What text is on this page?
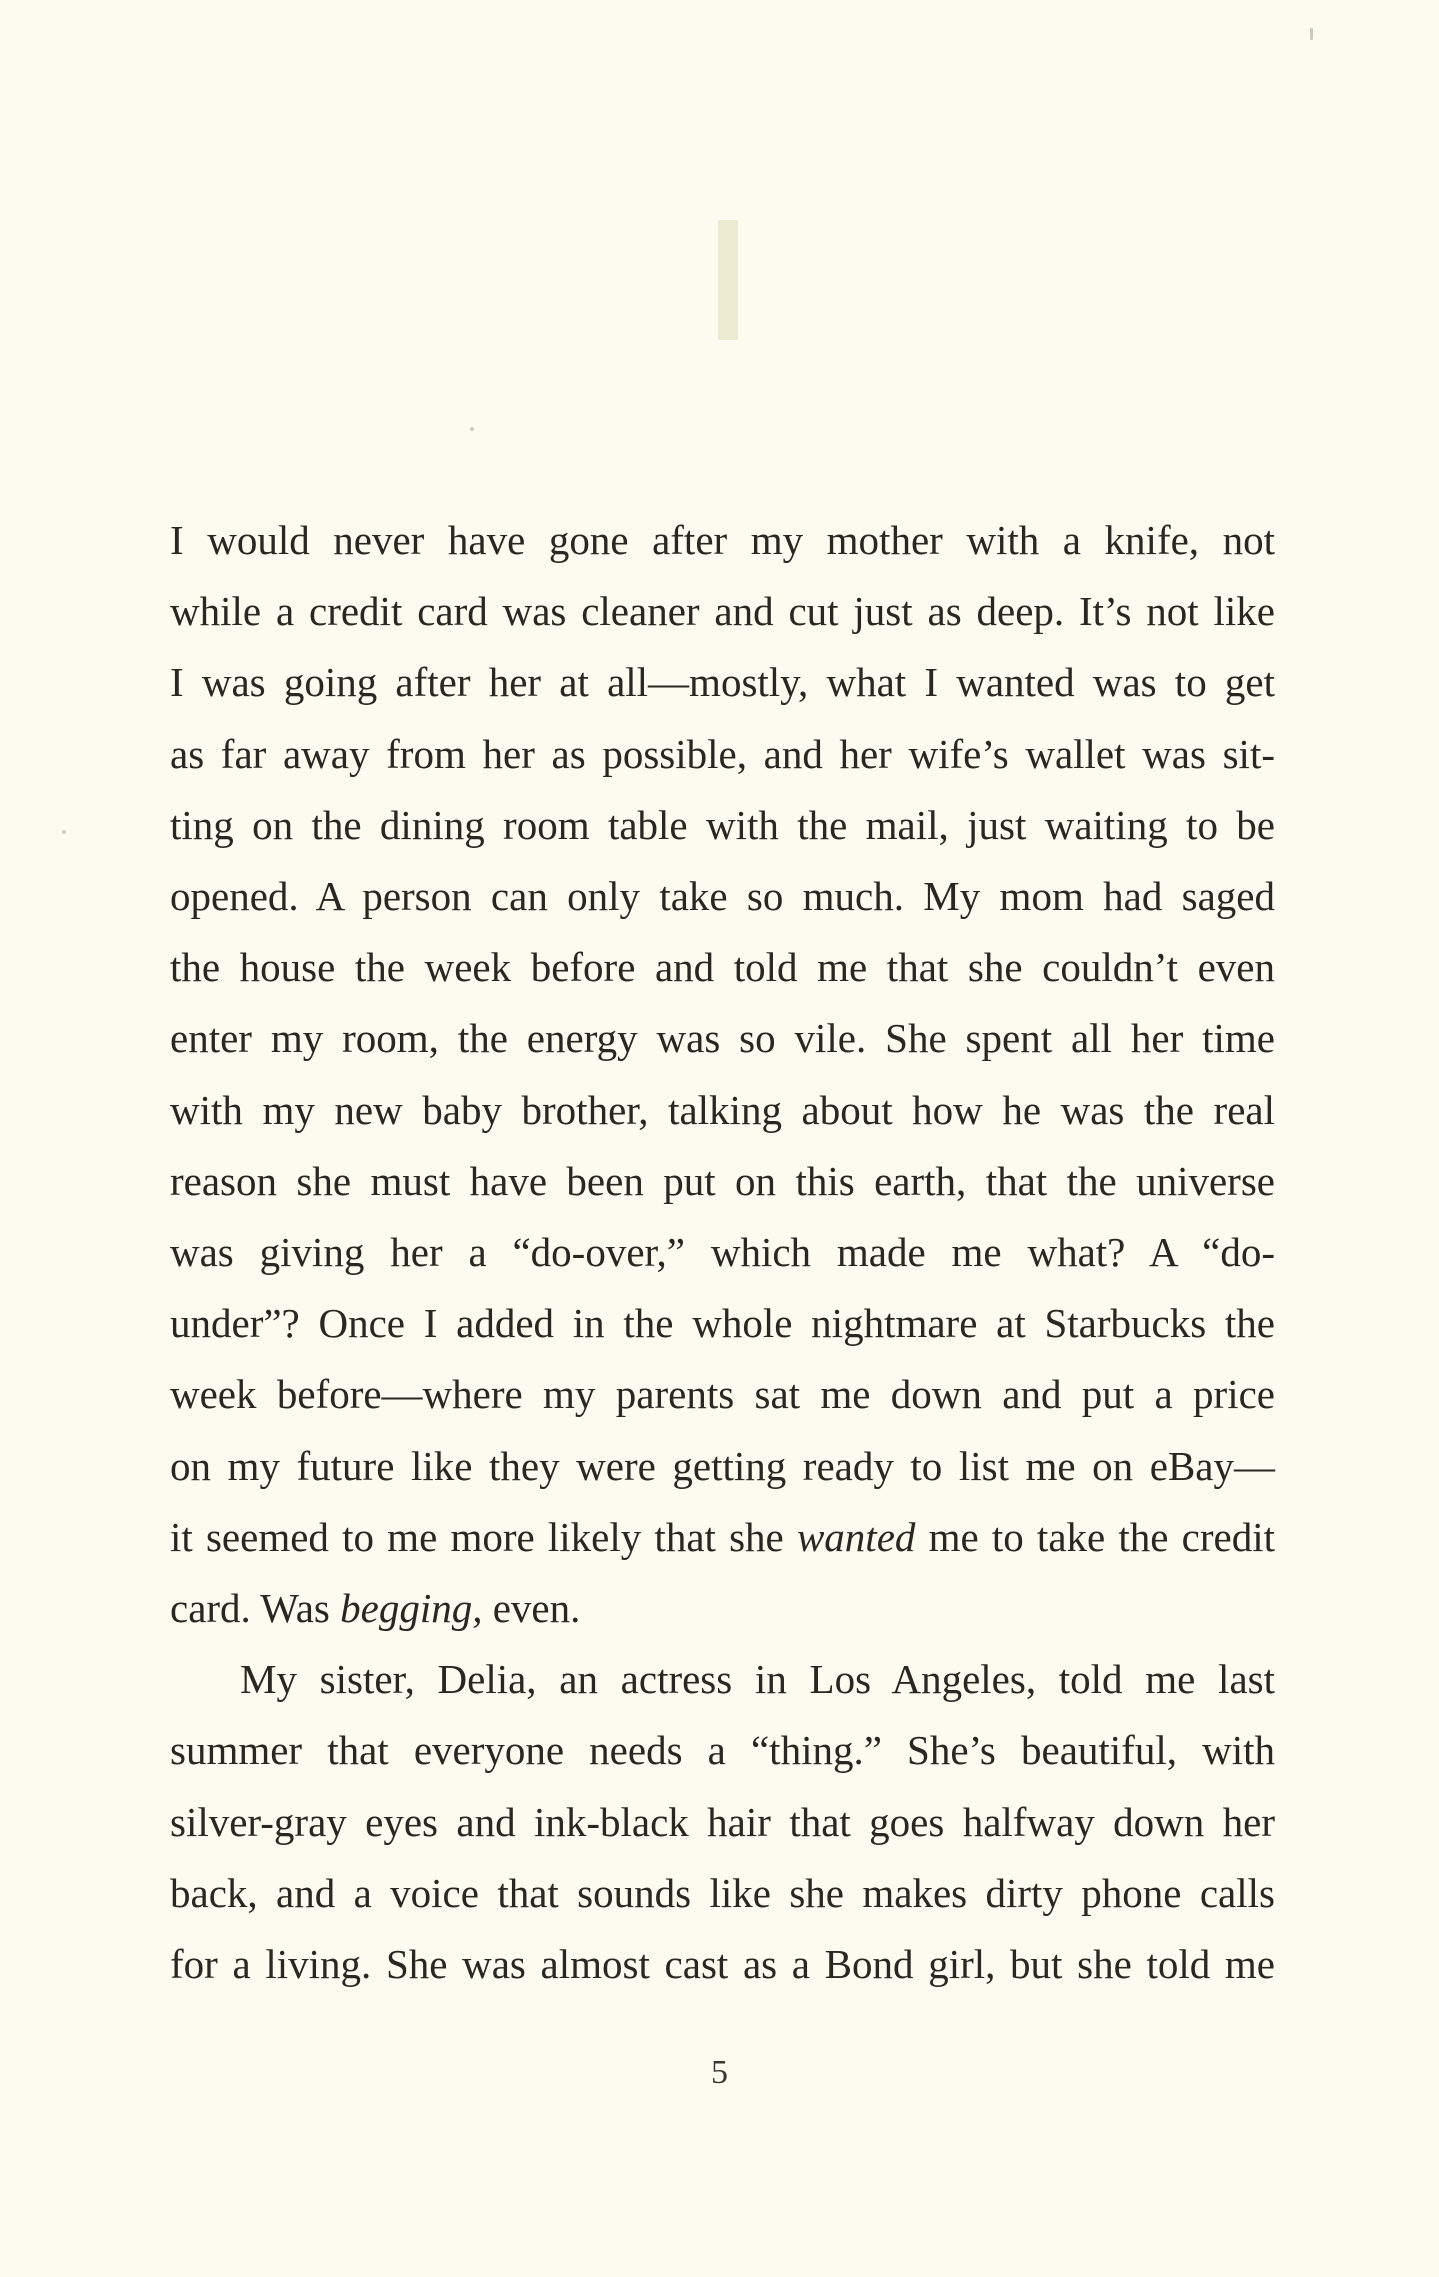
I would never have gone after my mother with a knife, not
while a credit card was cleaner and cut just as deep. It’s not like
I was going after her at all—mostly, what I wanted was to get
as far away from her as possible, and her wife’s wallet was sit-
ting on the dining room table with the mail, just waiting to be
opened. A person can only take so much. My mom had saged
the house the week before and told me that she couldn’t even
enter my room, the energy was so vile. She spent all her time
with my new baby brother, talking about how he was the real
reason she must have been put on this earth, that the universe
was giving her a “do-over,” which made me what? A “do-
under”? Once I added in the whole nightmare at Starbucks the
week before—where my parents sat me down and put a price
on my future like they were getting ready to list me on eBay—
it seemed to me more likely that she wanted me to take the credit
card. Was begging, even.

My sister, Delia, an actress in Los Angeles, told me last
summer that everyone needs a “thing.” She’s beautiful, with
silver-gray eyes and ink-black hair that goes halfway down her
back, and a voice that sounds like she makes dirty phone calls
for a living. She was almost cast as a Bond girl, but she told me

5
